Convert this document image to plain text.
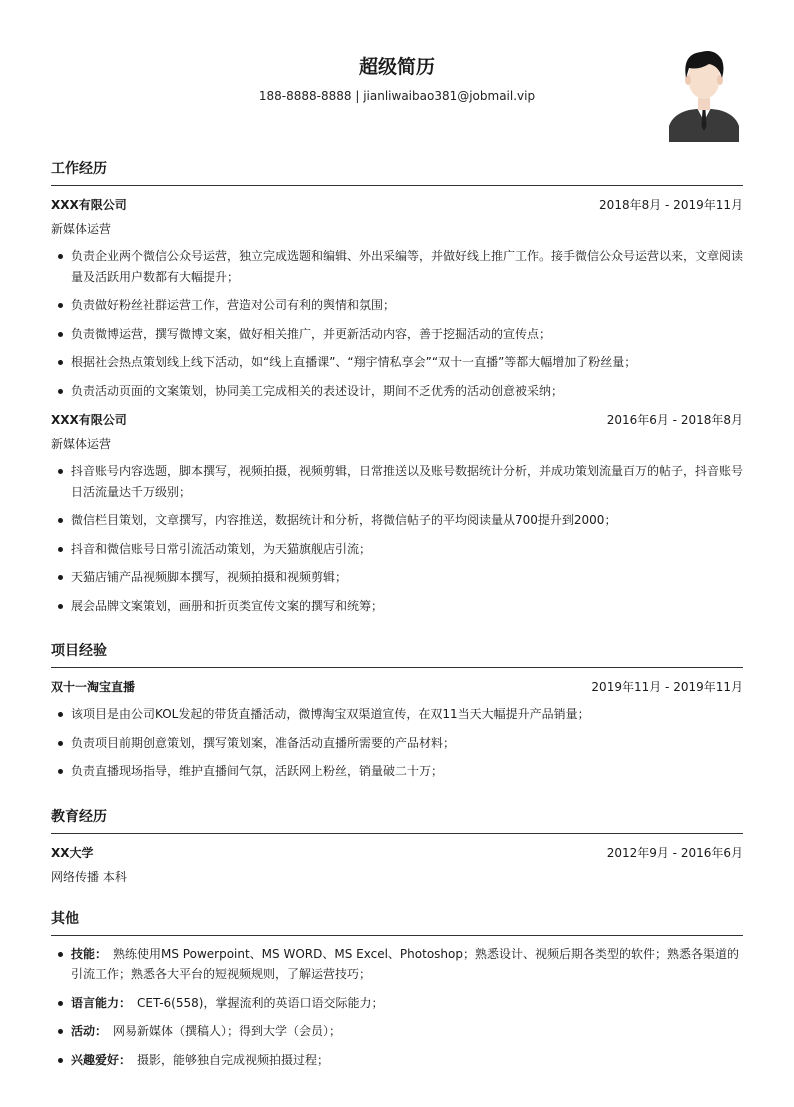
超级简历
188-8888-8888 | jianliwaibao381@jobmail.vip
工作经历
XXX有限公司	2018年8月 - 2019年11月
新媒体运营
负责企业两个微信公众号运营，独立完成选题和编辑、外出采编等，并做好线上推广工作。接手微信公众号运营以来，文章阅读量及活跃用户数都有大幅提升；
负责做好粉丝社群运营工作，营造对公司有利的舆情和氛围；
负责微博运营，撰写微博文案，做好相关推广，并更新活动内容，善于挖掘活动的宣传点；
根据社会热点策划线上线下活动，如“线上直播课”、“翔宇情私享会”“双十一直播”等都大幅增加了粉丝量；
负责活动页面的文案策划，协同美工完成相关的表述设计，期间不乏优秀的活动创意被采纳；
XXX有限公司	2016年6月 - 2018年8月
新媒体运营
抖音账号内容选题，脚本撰写，视频拍摄，视频剪辑，日常推送以及账号数据统计分析，并成功策划流量百万的帖子，抖音账号日活流量达千万级别；
微信栏目策划，文章撰写，内容推送，数据统计和分析，将微信帖子的平均阅读量从700提升到2000；
抖音和微信账号日常引流活动策划，为天猫旗舰店引流；
天猫店铺产品视频脚本撰写，视频拍摄和视频剪辑；
展会品牌文案策划，画册和折页类宣传文案的撰写和统筹；
项目经验
双十一淘宝直播	2019年11月 - 2019年11月
该项目是由公司KOL发起的带货直播活动，微博淘宝双渠道宣传，在双11当天大幅提升产品销量；
负责项目前期创意策划，撰写策划案，准备活动直播所需要的产品材料；
负责直播现场指导，维护直播间气氛，活跃网上粉丝，销量破二十万；
教育经历
XX大学	2012年9月 - 2016年6月
网络传播 本科
其他
技能： 熟练使用MS Powerpoint、MS WORD、MS Excel、Photoshop；熟悉设计、视频后期各类型的软件；熟悉各渠道的引流工作；熟悉各大平台的短视频规则，了解运营技巧；
语言能力： CET-6(558)，掌握流利的英语口语交际能力；
活动： 网易新媒体（撰稿人）；得到大学（会员）；
兴趣爱好： 摄影，能够独自完成视频拍摄过程；
